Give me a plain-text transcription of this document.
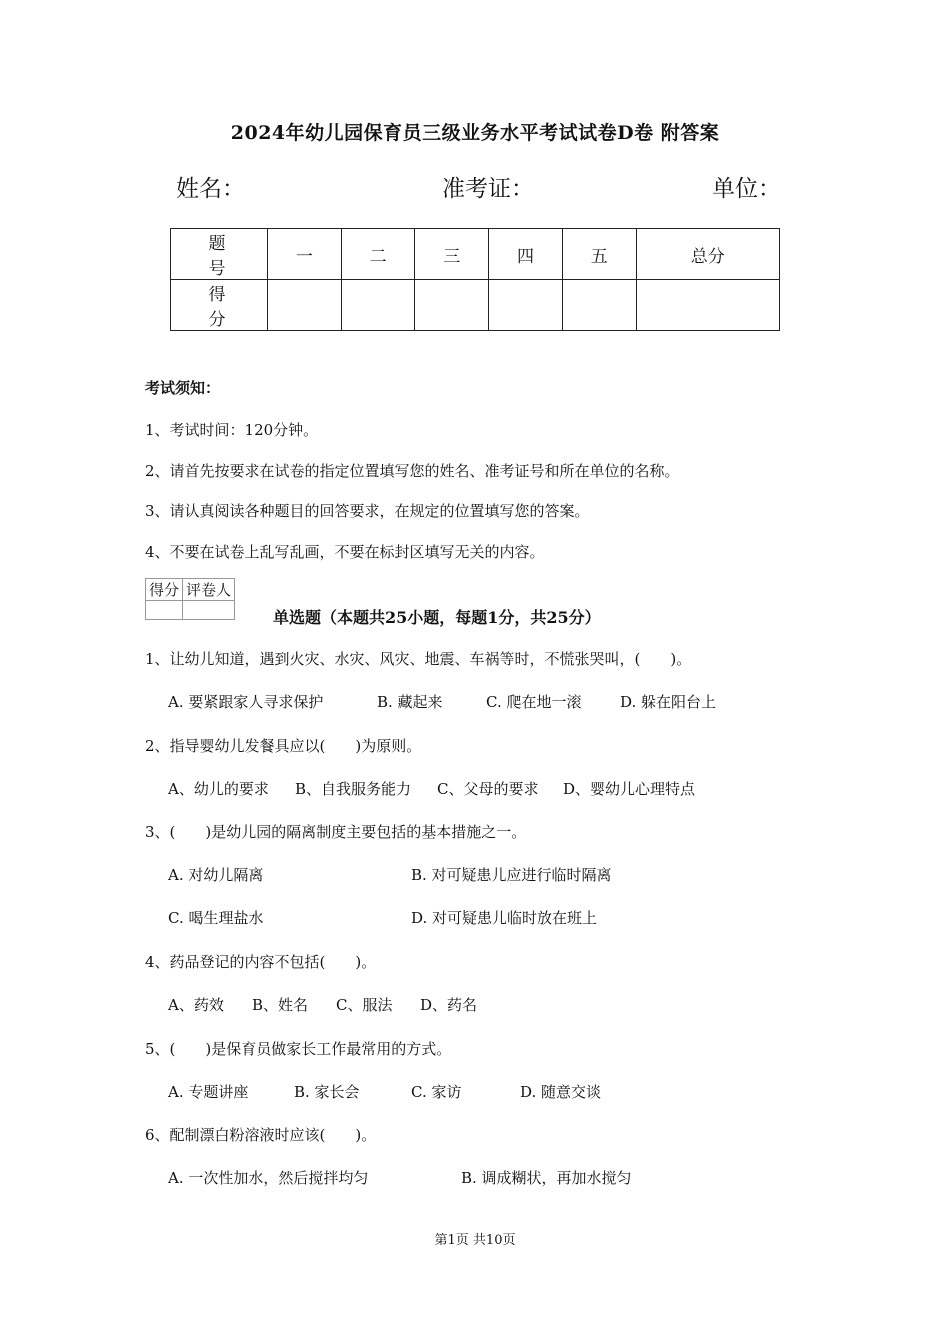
2024年幼儿园保育员三级业务水平考试试卷D卷 附答案
姓名：	准考证：	单位：
题　号	一	二	三	四	五	总分
得　分						
考试须知：
1、考试时间：120分钟。
2、请首先按要求在试卷的指定位置填写您的姓名、准考证号和所在单位的名称。
3、请认真阅读各种题目的回答要求，在规定的位置填写您的答案。
4、不要在试卷上乱写乱画，不要在标封区填写无关的内容。
得分	评卷人

单选题（本题共25小题，每题1分，共25分）
1、让幼儿知道，遇到火灾、水灾、风灾、地震、车祸等时，不慌张哭叫，(　　)。
A. 要紧跟家人寻求保护	B. 藏起来	C. 爬在地一滚	D. 躲在阳台上
2、指导婴幼儿发餐具应以(　　)为原则。
A、幼儿的要求 B、自我服务能力 C、父母的要求 D、婴幼儿心理特点
3、(　　)是幼儿园的隔离制度主要包括的基本措施之一。
A. 对幼儿隔离	B. 对可疑患儿应进行临时隔离
C. 喝生理盐水	D. 对可疑患儿临时放在班上
4、药品登记的内容不包括(　　)。
A、药效 B、姓名 C、服法 D、药名
5、(　　)是保育员做家长工作最常用的方式。
A. 专题讲座	B. 家长会	C. 家访	D. 随意交谈
6、配制漂白粉溶液时应该(　　)。
A. 一次性加水，然后搅拌均匀	B. 调成糊状，再加水搅匀
第1页 共10页
